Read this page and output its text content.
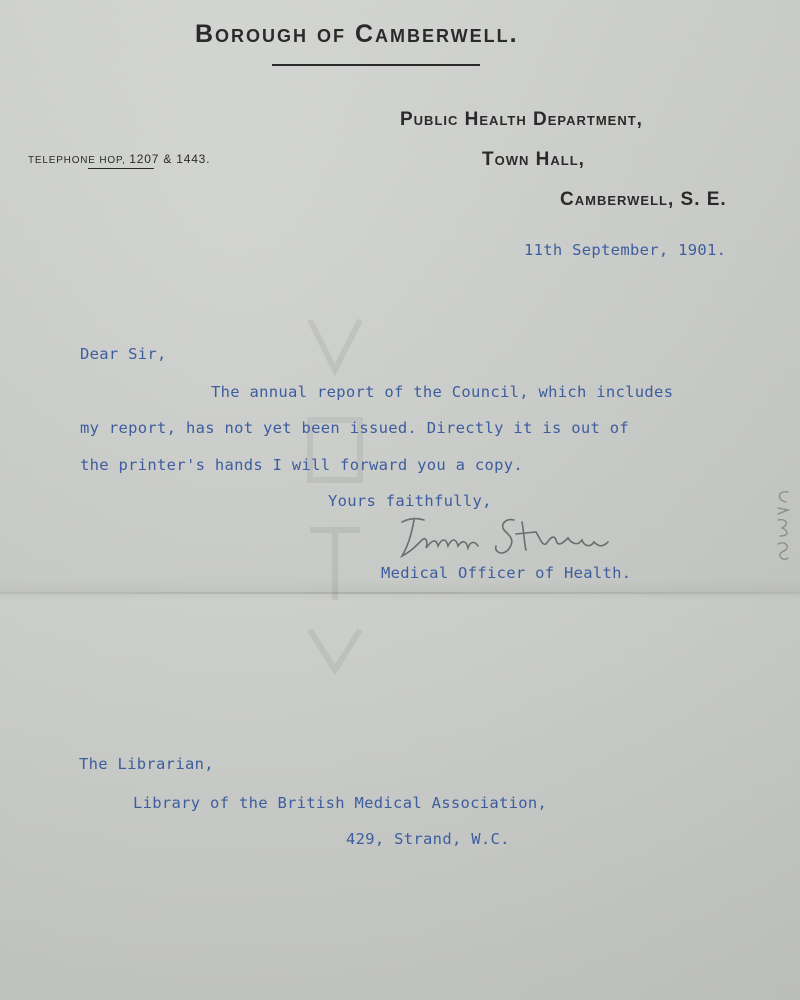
Borough of Camberwell.
TELEPHONE HOP, 1207 & 1443.
Public Health Department,
Town Hall,
Camberwell, S. E.
11th September, 1901.
Dear Sir,
The annual report of the Council, which includes
my report, has not yet been issued. Directly it is out of
the printer's hands I will forward you a copy.
Yours faithfully,
Medical Officer of Health.
The Librarian,
Library of the British Medical Association,
429, Strand, W.C.
